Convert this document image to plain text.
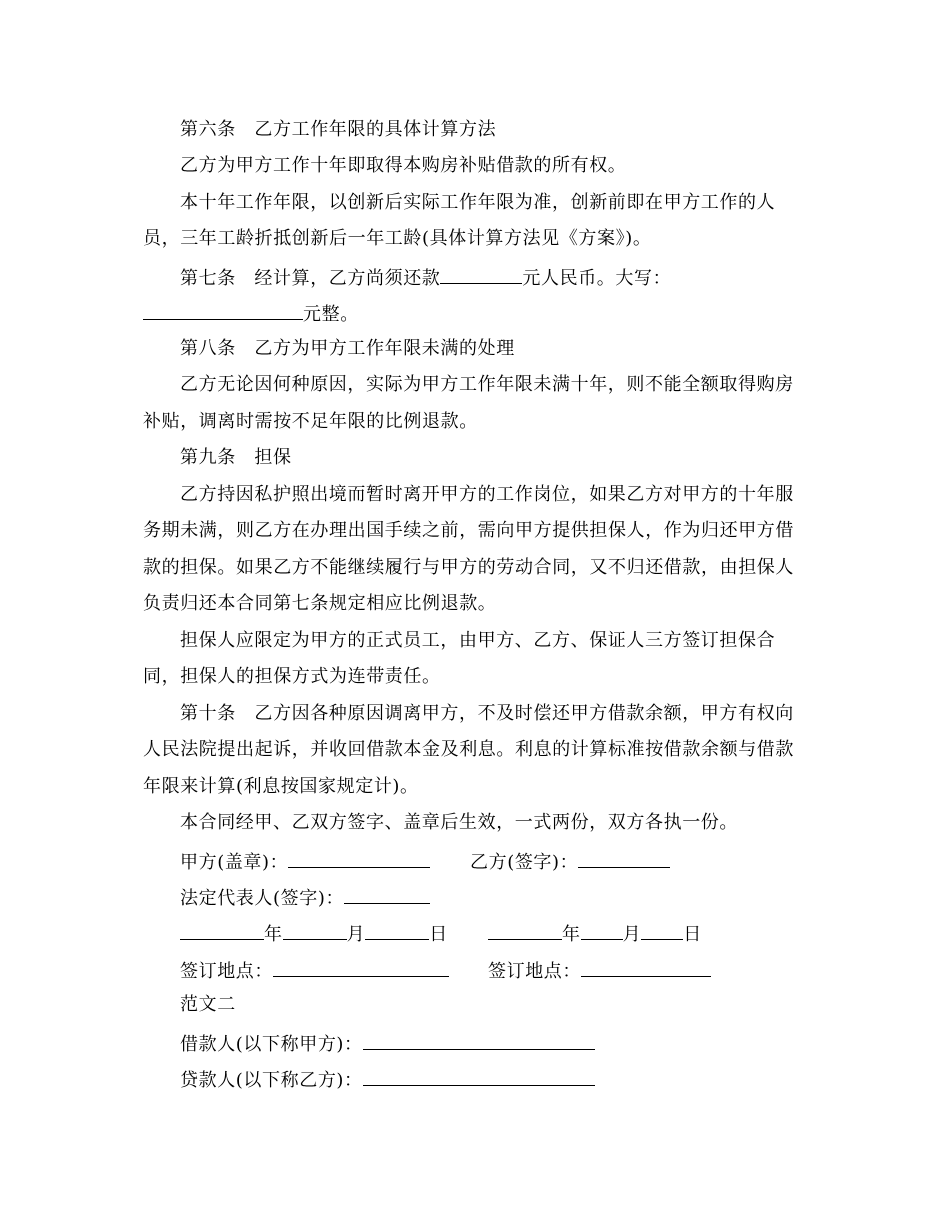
第六条　乙方工作年限的具体计算方法
乙方为甲方工作十年即取得本购房补贴借款的所有权。
本十年工作年限，以创新后实际工作年限为准，创新前即在甲方工作的人
员，三年工龄折抵创新后一年工龄(具体计算方法见《方案》)。
第七条　经计算，乙方尚须还款	元人民币。大写：
元整。
第八条　乙方为甲方工作年限未满的处理
乙方无论因何种原因，实际为甲方工作年限未满十年，则不能全额取得购房
补贴，调离时需按不足年限的比例退款。
第九条　担保
乙方持因私护照出境而暂时离开甲方的工作岗位，如果乙方对甲方的十年服
务期未满，则乙方在办理出国手续之前，需向甲方提供担保人，作为归还甲方借
款的担保。如果乙方不能继续履行与甲方的劳动合同，又不归还借款，由担保人
负责归还本合同第七条规定相应比例退款。
担保人应限定为甲方的正式员工，由甲方、乙方、保证人三方签订担保合
同，担保人的担保方式为连带责任。
第十条　乙方因各种原因调离甲方，不及时偿还甲方借款余额，甲方有权向
人民法院提出起诉，并收回借款本金及利息。利息的计算标准按借款余额与借款
年限来计算(利息按国家规定计)。
本合同经甲、乙双方签字、盖章后生效，一式两份，双方各执一份。
甲方(盖章)：	乙方(签字)：
法定代表人(签字)：
年	月	日	年 月 日
签订地点：	签订地点：
范文二
借款人(以下称甲方)：
贷款人(以下称乙方)：
